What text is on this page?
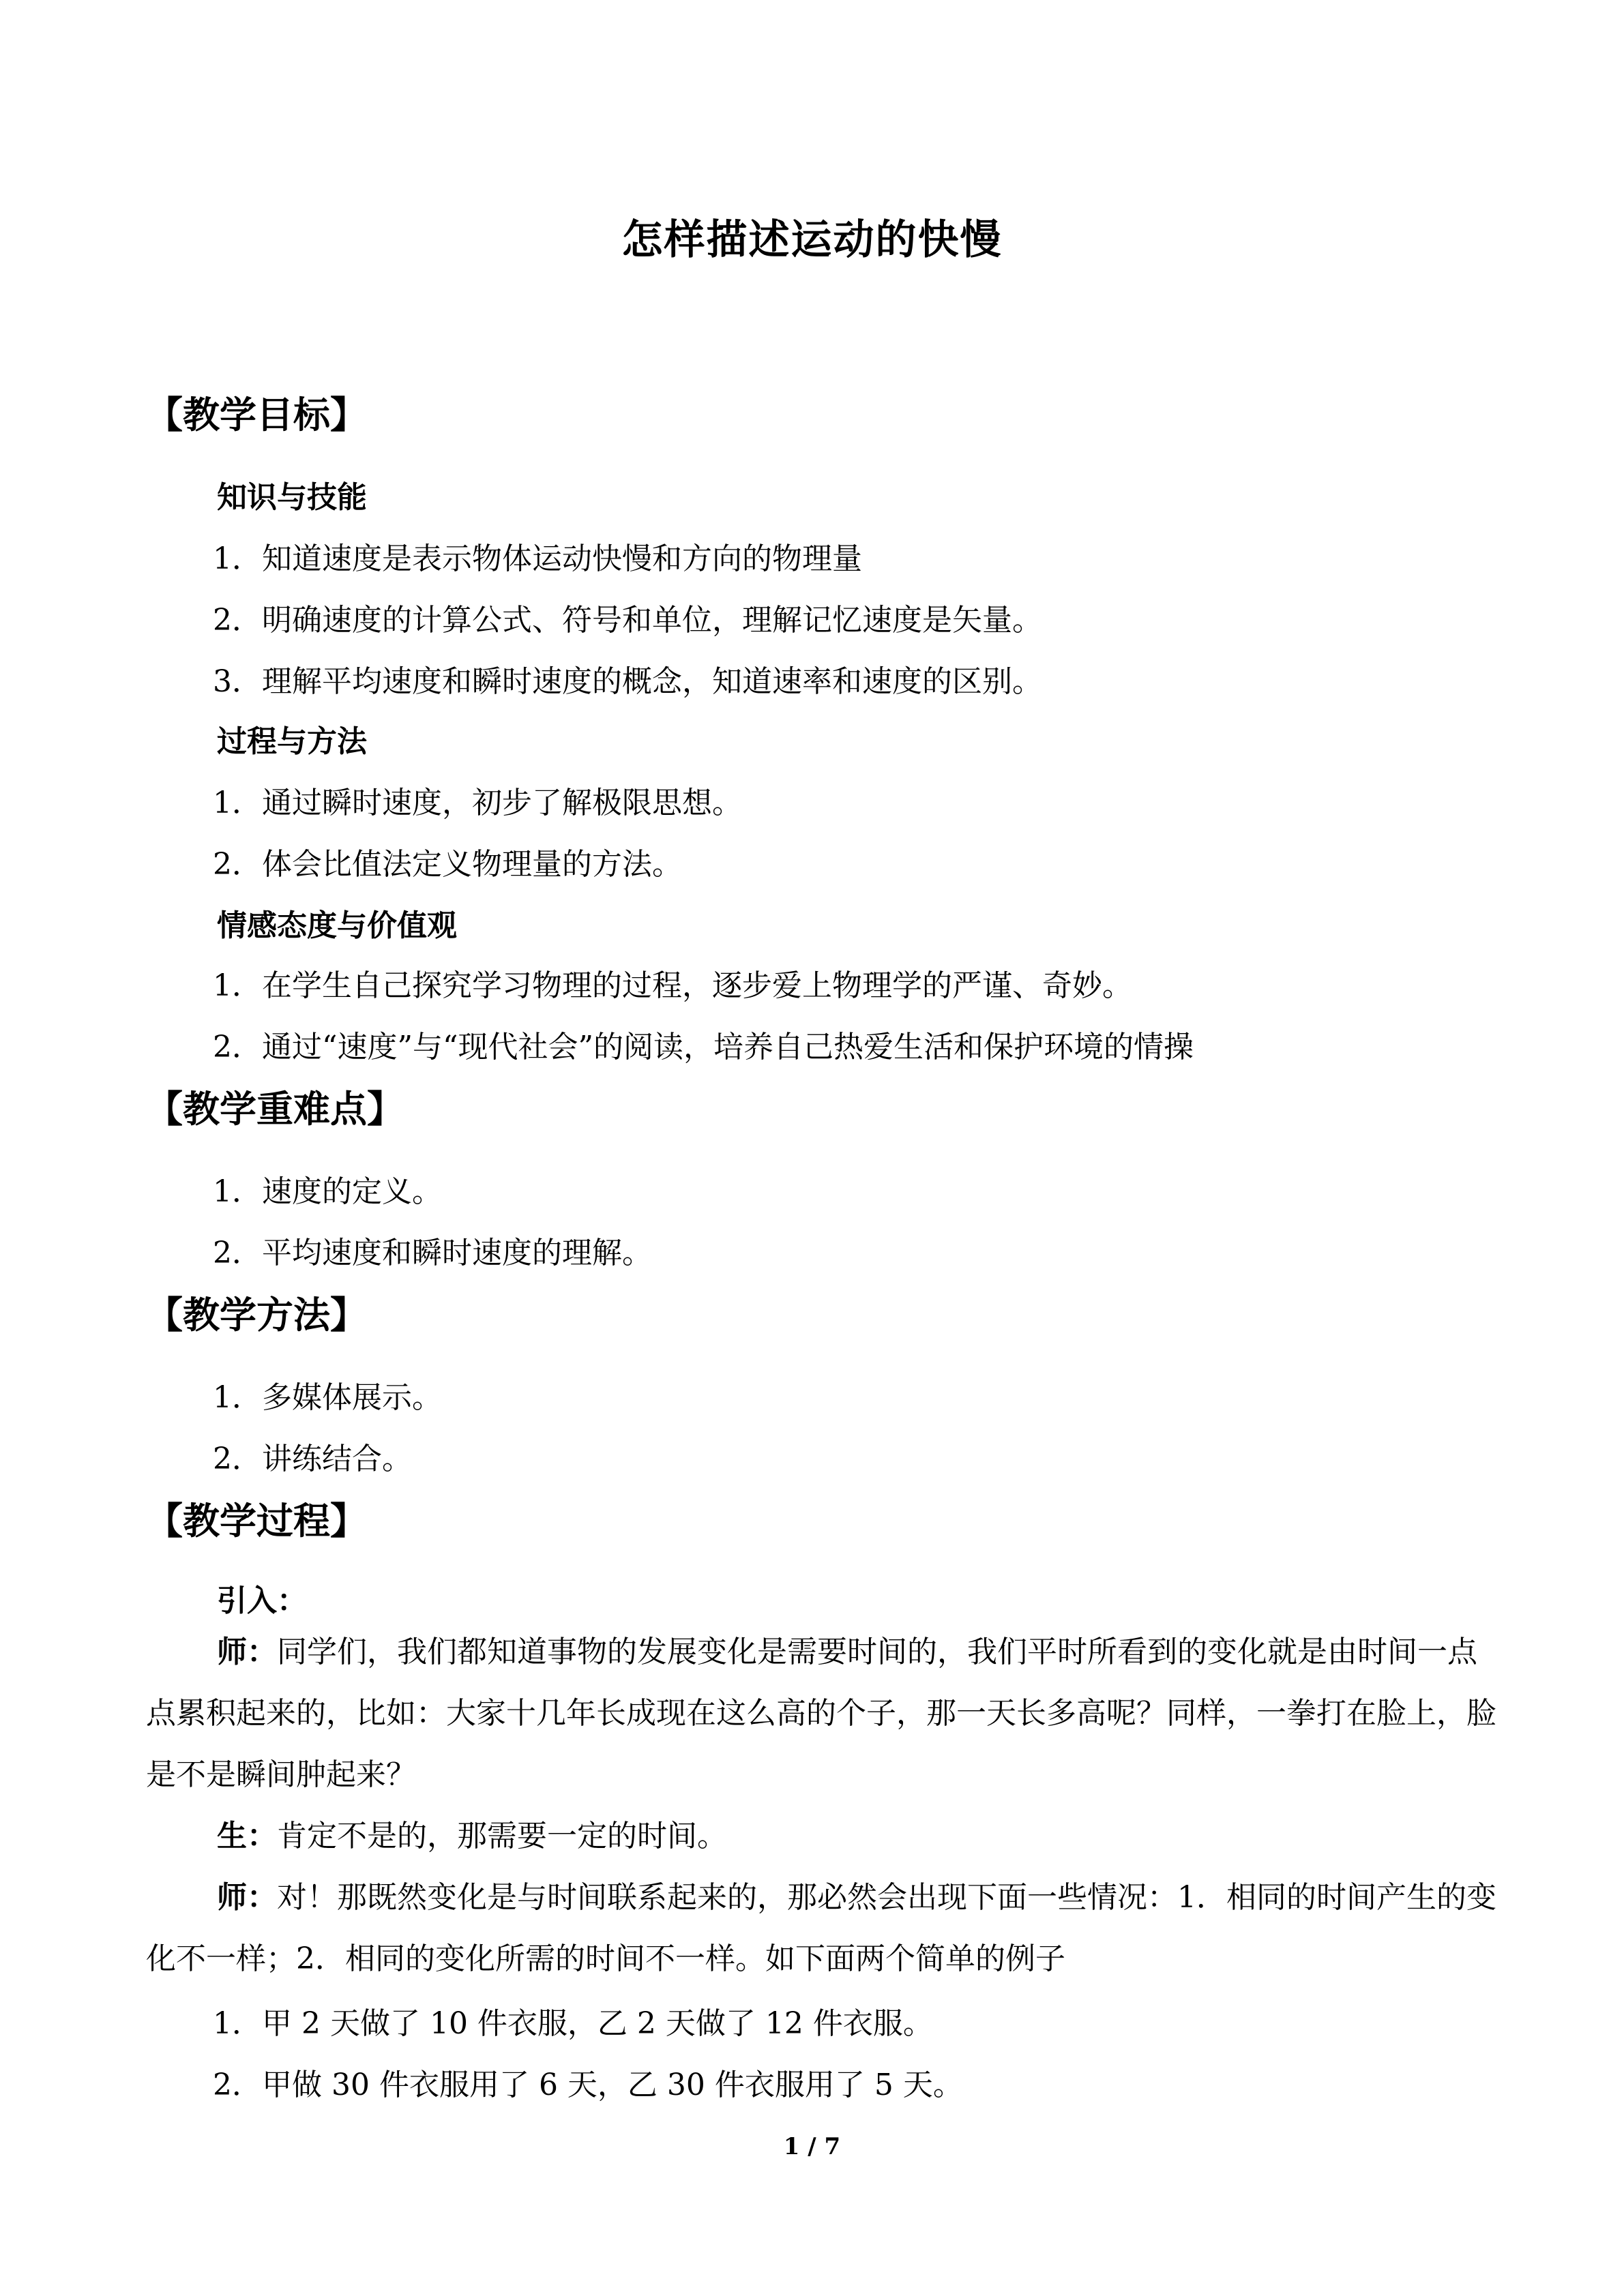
怎样描述运动的快慢
【教学目标】
知识与技能
1．知道速度是表示物体运动快慢和方向的物理量
2．明确速度的计算公式、符号和单位，理解记忆速度是矢量。
3．理解平均速度和瞬时速度的概念，知道速率和速度的区别。
过程与方法
1．通过瞬时速度，初步了解极限思想。
2．体会比值法定义物理量的方法。
情感态度与价值观
1．在学生自己探究学习物理的过程，逐步爱上物理学的严谨、奇妙。
2．通过“速度”与“现代社会”的阅读，培养自己热爱生活和保护环境的情操
【教学重难点】
1．速度的定义。
2．平均速度和瞬时速度的理解。
【教学方法】
1．多媒体展示。
2．讲练结合。
【教学过程】
引入：
师：同学们，我们都知道事物的发展变化是需要时间的，我们平时所看到的变化就是由时间一点点累积起来的，比如：大家十几年长成现在这么高的个子，那一天长多高呢？同样，一拳打在脸上，脸是不是瞬间肿起来？
生：肯定不是的，那需要一定的时间。
师：对！那既然变化是与时间联系起来的，那必然会出现下面一些情况：1．相同的时间产生的变化不一样；2．相同的变化所需的时间不一样。如下面两个简单的例子
1．甲 2 天做了 10 件衣服，乙 2 天做了 12 件衣服。
2．甲做 30 件衣服用了 6 天，乙 30 件衣服用了 5 天。
1 / 7
